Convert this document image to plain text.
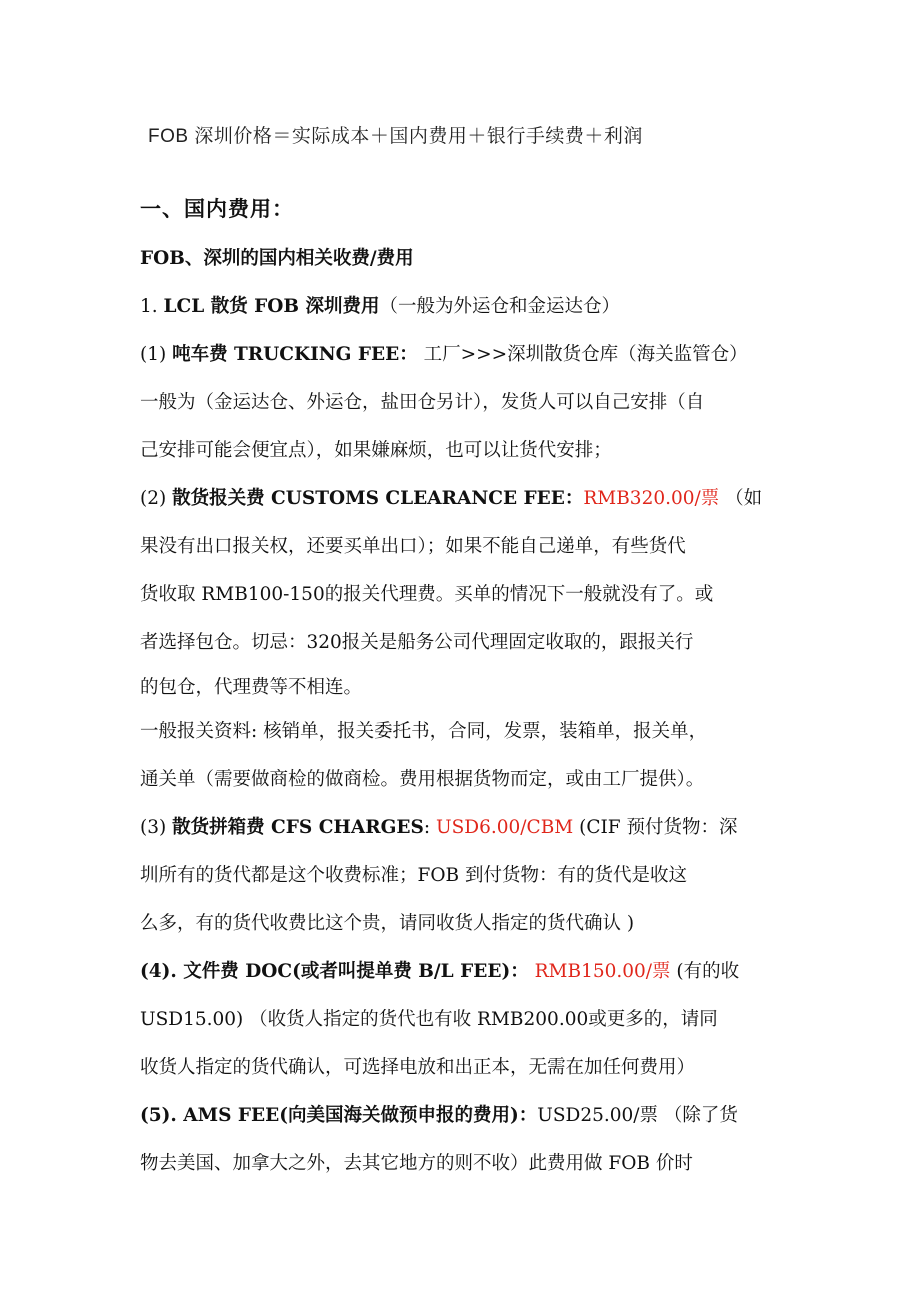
FOB 深圳价格＝实际成本＋国内费用＋银行手续费＋利润
一、国内费用：

FOB、深圳的国内相关收费/费用

1. LCL 散货 FOB 深圳费用（一般为外运仓和金运达仓）

(1) 吨车费 TRUCKING FEE： 工厂>>>深圳散货仓库（海关监管仓）

一般为（金运达仓、外运仓，盐田仓另计），发货人可以自己安排（自

己安排可能会便宜点），如果嫌麻烦，也可以让货代安排；

(2) 散货报关费 CUSTOMS CLEARANCE FEE：RMB320.00/票 （如

果没有出口报关权，还要买单出口）；如果不能自己递单，有些货代

货收取 RMB100-150的报关代理费。买单的情况下一般就没有了。或

者选择包仓。切忌：320报关是船务公司代理固定收取的，跟报关行

的包仓，代理费等不相连。

一般报关资料: 核销单，报关委托书，合同，发票，装箱单，报关单，

通关单（需要做商检的做商检。费用根据货物而定，或由工厂提供）。

(3) 散货拼箱费 CFS CHARGES: USD6.00/CBM (CIF 预付货物：深

圳所有的货代都是这个收费标准；FOB 到付货物：有的货代是收这

么多，有的货代收费比这个贵，请同收货人指定的货代确认 )

(4). 文件费 DOC(或者叫提单费 B/L FEE)： RMB150.00/票 (有的收

USD15.00) （收货人指定的货代也有收 RMB200.00或更多的，请同

收货人指定的货代确认，可选择电放和出正本，无需在加任何费用）

(5). AMS FEE(向美国海关做预申报的费用)：USD25.00/票 （除了货

物去美国、加拿大之外，去其它地方的则不收）此费用做 FOB 价时
